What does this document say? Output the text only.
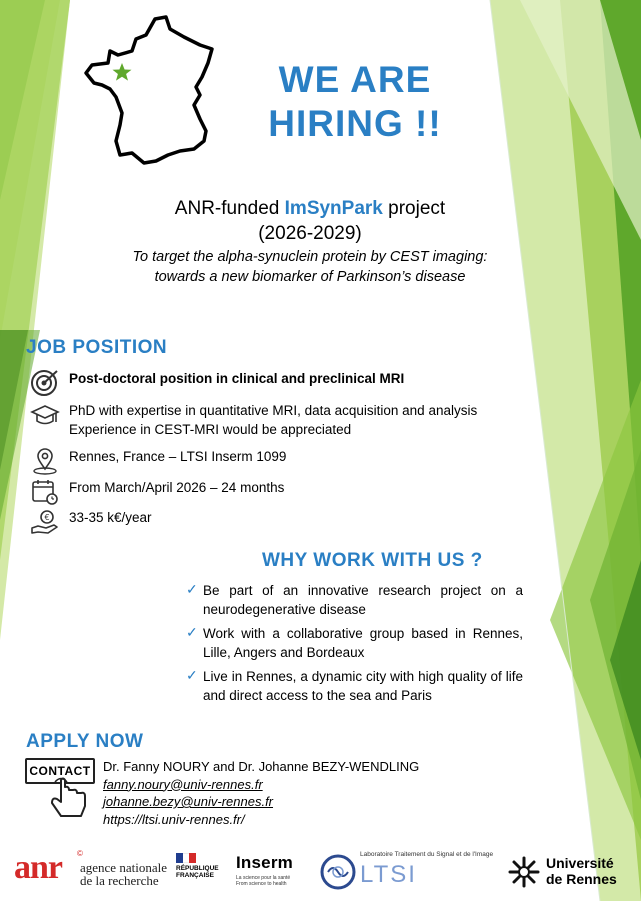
WE ARE HIRING !!
ANR-funded ImSynPark project
(2026-2029)
To target the alpha-synuclein protein by CEST imaging:
towards a new biomarker of Parkinson’s disease
JOB POSITION
Post-doctoral position in clinical and preclinical MRI
PhD with expertise in quantitative MRI, data acquisition and analysis
Experience in CEST-MRI would be appreciated
Rennes, France – LTSI Inserm 1099
From March/April 2026 – 24 months
€ 33-35 k€/year
WHY WORK WITH US ?
✓ Be part of an innovative research project on a neurodegenerative disease
✓ Work with a collaborative group based in Rennes, Lille, Angers and Bordeaux
✓ Live in Rennes, a dynamic city with high quality of life and direct access to the sea and Paris
APPLY NOW
CONTACT Dr. Fanny NOURY and Dr. Johanne BEZY-WENDLING
fanny.noury@univ-rennes.fr
johanne.bezy@univ-rennes.fr
https://ltsi.univ-rennes.fr/
anr ©
agence nationale
de la recherche
RÉPUBLIQUE
FRANÇAISE
Inserm
La science pour la santé
From science to health
Laboratoire Traitement du Signal et de l'Image
LTSI	Université
de Rennes
